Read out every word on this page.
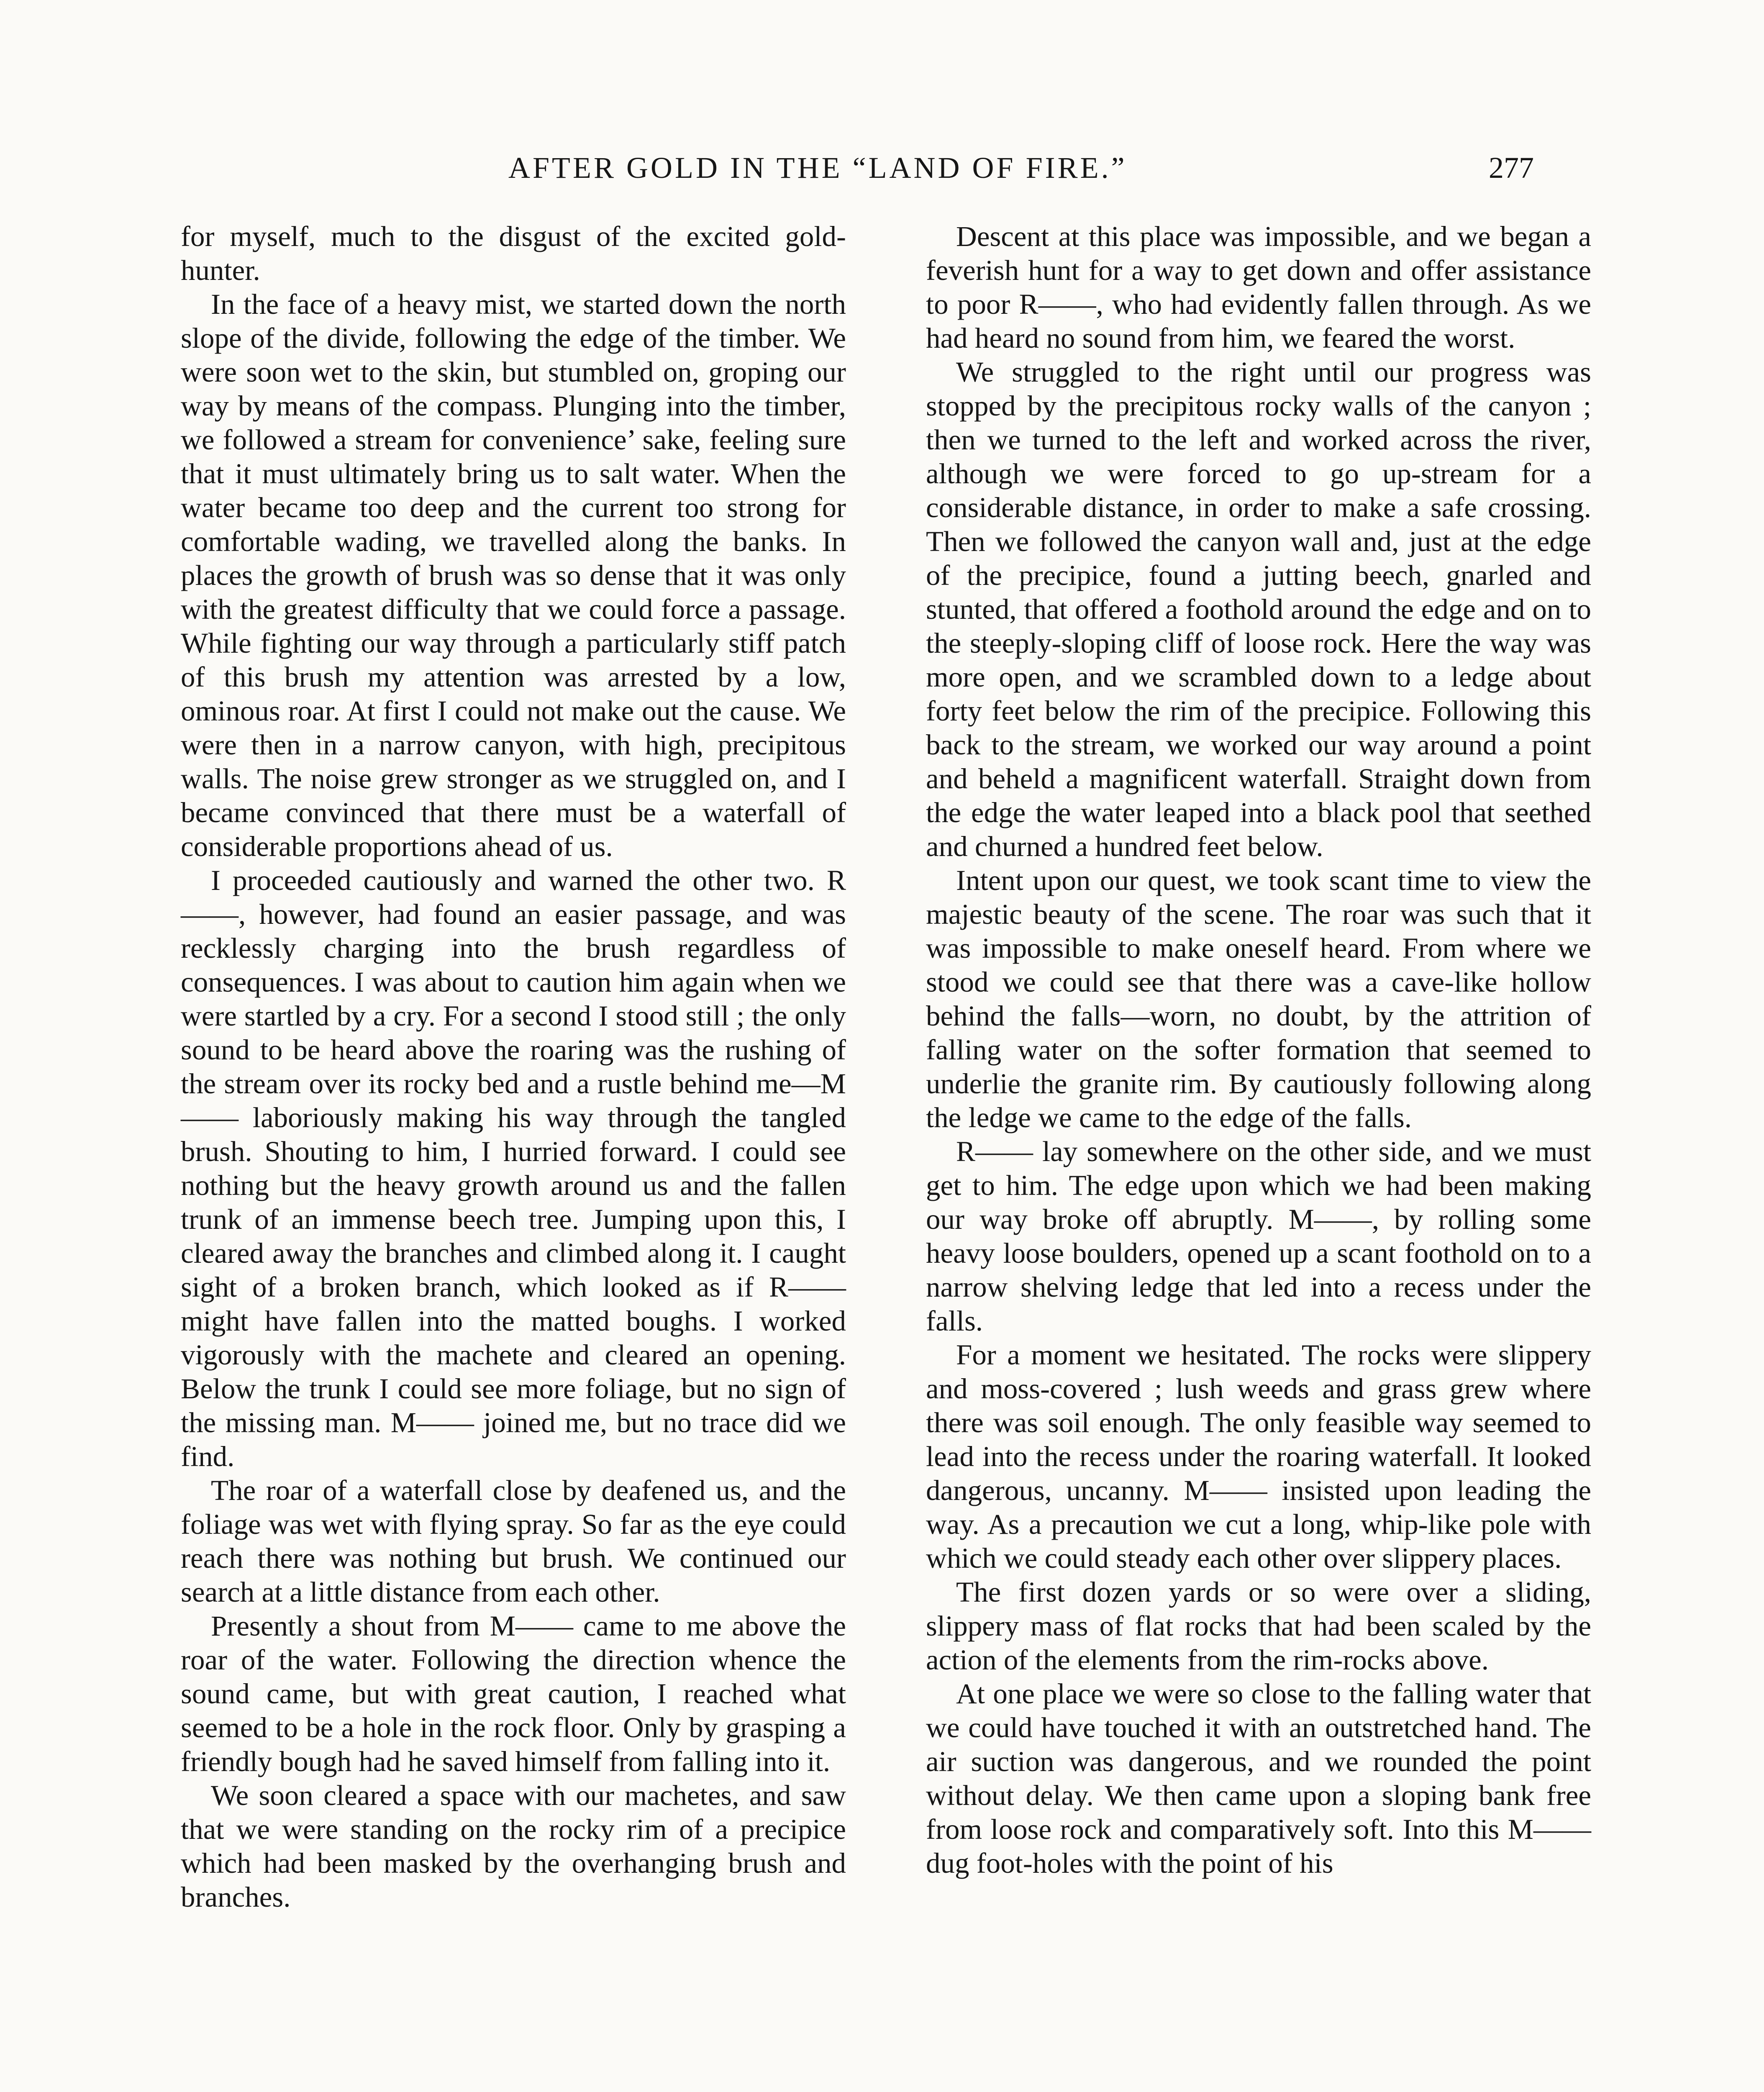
AFTER GOLD IN THE “LAND OF FIRE.”	277

for myself, much to the disgust of the excited gold-hunter.

In the face of a heavy mist, we started down the north slope of the divide, following the edge of the timber. We were soon wet to the skin, but stumbled on, groping our way by means of the compass. Plunging into the timber, we followed a stream for convenience’ sake, feeling sure that it must ultimately bring us to salt water. When the water became too deep and the current too strong for comfortable wading, we travelled along the banks. In places the growth of brush was so dense that it was only with the greatest difficulty that we could force a passage. While fighting our way through a particularly stiff patch of this brush my attention was arrested by a low, ominous roar. At first I could not make out the cause. We were then in a narrow canyon, with high, precipitous walls. The noise grew stronger as we struggled on, and I became convinced that there must be a waterfall of considerable proportions ahead of us.

I proceeded cautiously and warned the other two. R——, however, had found an easier passage, and was recklessly charging into the brush regardless of consequences. I was about to caution him again when we were startled by a cry. For a second I stood still ; the only sound to be heard above the roaring was the rushing of the stream over its rocky bed and a rustle behind me—M—— laboriously making his way through the tangled brush. Shouting to him, I hurried forward. I could see nothing but the heavy growth around us and the fallen trunk of an immense beech tree. Jumping upon this, I cleared away the branches and climbed along it. I caught sight of a broken branch, which looked as if R—— might have fallen into the matted boughs. I worked vigorously with the machete and cleared an opening. Below the trunk I could see more foliage, but no sign of the missing man. M—— joined me, but no trace did we find.

The roar of a waterfall close by deafened us, and the foliage was wet with flying spray. So far as the eye could reach there was nothing but brush. We continued our search at a little distance from each other.

Presently a shout from M—— came to me above the roar of the water. Following the direction whence the sound came, but with great caution, I reached what seemed to be a hole in the rock floor. Only by grasping a friendly bough had he saved himself from falling into it.

We soon cleared a space with our machetes, and saw that we were standing on the rocky rim of a precipice which had been masked by the overhanging brush and branches.

Descent at this place was impossible, and we began a feverish hunt for a way to get down and offer assistance to poor R——, who had evidently fallen through. As we had heard no sound from him, we feared the worst.

We struggled to the right until our progress was stopped by the precipitous rocky walls of the canyon ; then we turned to the left and worked across the river, although we were forced to go up-stream for a considerable distance, in order to make a safe crossing. Then we followed the canyon wall and, just at the edge of the precipice, found a jutting beech, gnarled and stunted, that offered a foothold around the edge and on to the steeply-sloping cliff of loose rock. Here the way was more open, and we scrambled down to a ledge about forty feet below the rim of the precipice. Following this back to the stream, we worked our way around a point and beheld a magnificent waterfall. Straight down from the edge the water leaped into a black pool that seethed and churned a hundred feet below.

Intent upon our quest, we took scant time to view the majestic beauty of the scene. The roar was such that it was impossible to make oneself heard. From where we stood we could see that there was a cave-like hollow behind the falls—worn, no doubt, by the attrition of falling water on the softer formation that seemed to underlie the granite rim. By cautiously following along the ledge we came to the edge of the falls.

R—— lay somewhere on the other side, and we must get to him. The edge upon which we had been making our way broke off abruptly. M——, by rolling some heavy loose boulders, opened up a scant foothold on to a narrow shelving ledge that led into a recess under the falls.

For a moment we hesitated. The rocks were slippery and moss-covered ; lush weeds and grass grew where there was soil enough. The only feasible way seemed to lead into the recess under the roaring waterfall. It looked dangerous, uncanny. M—— insisted upon leading the way. As a precaution we cut a long, whip-like pole with which we could steady each other over slippery places.

The first dozen yards or so were over a sliding, slippery mass of flat rocks that had been scaled by the action of the elements from the rim-rocks above.

At one place we were so close to the falling water that we could have touched it with an outstretched hand. The air suction was dangerous, and we rounded the point without delay. We then came upon a sloping bank free from loose rock and comparatively soft. Into this M—— dug foot-holes with the point of his
